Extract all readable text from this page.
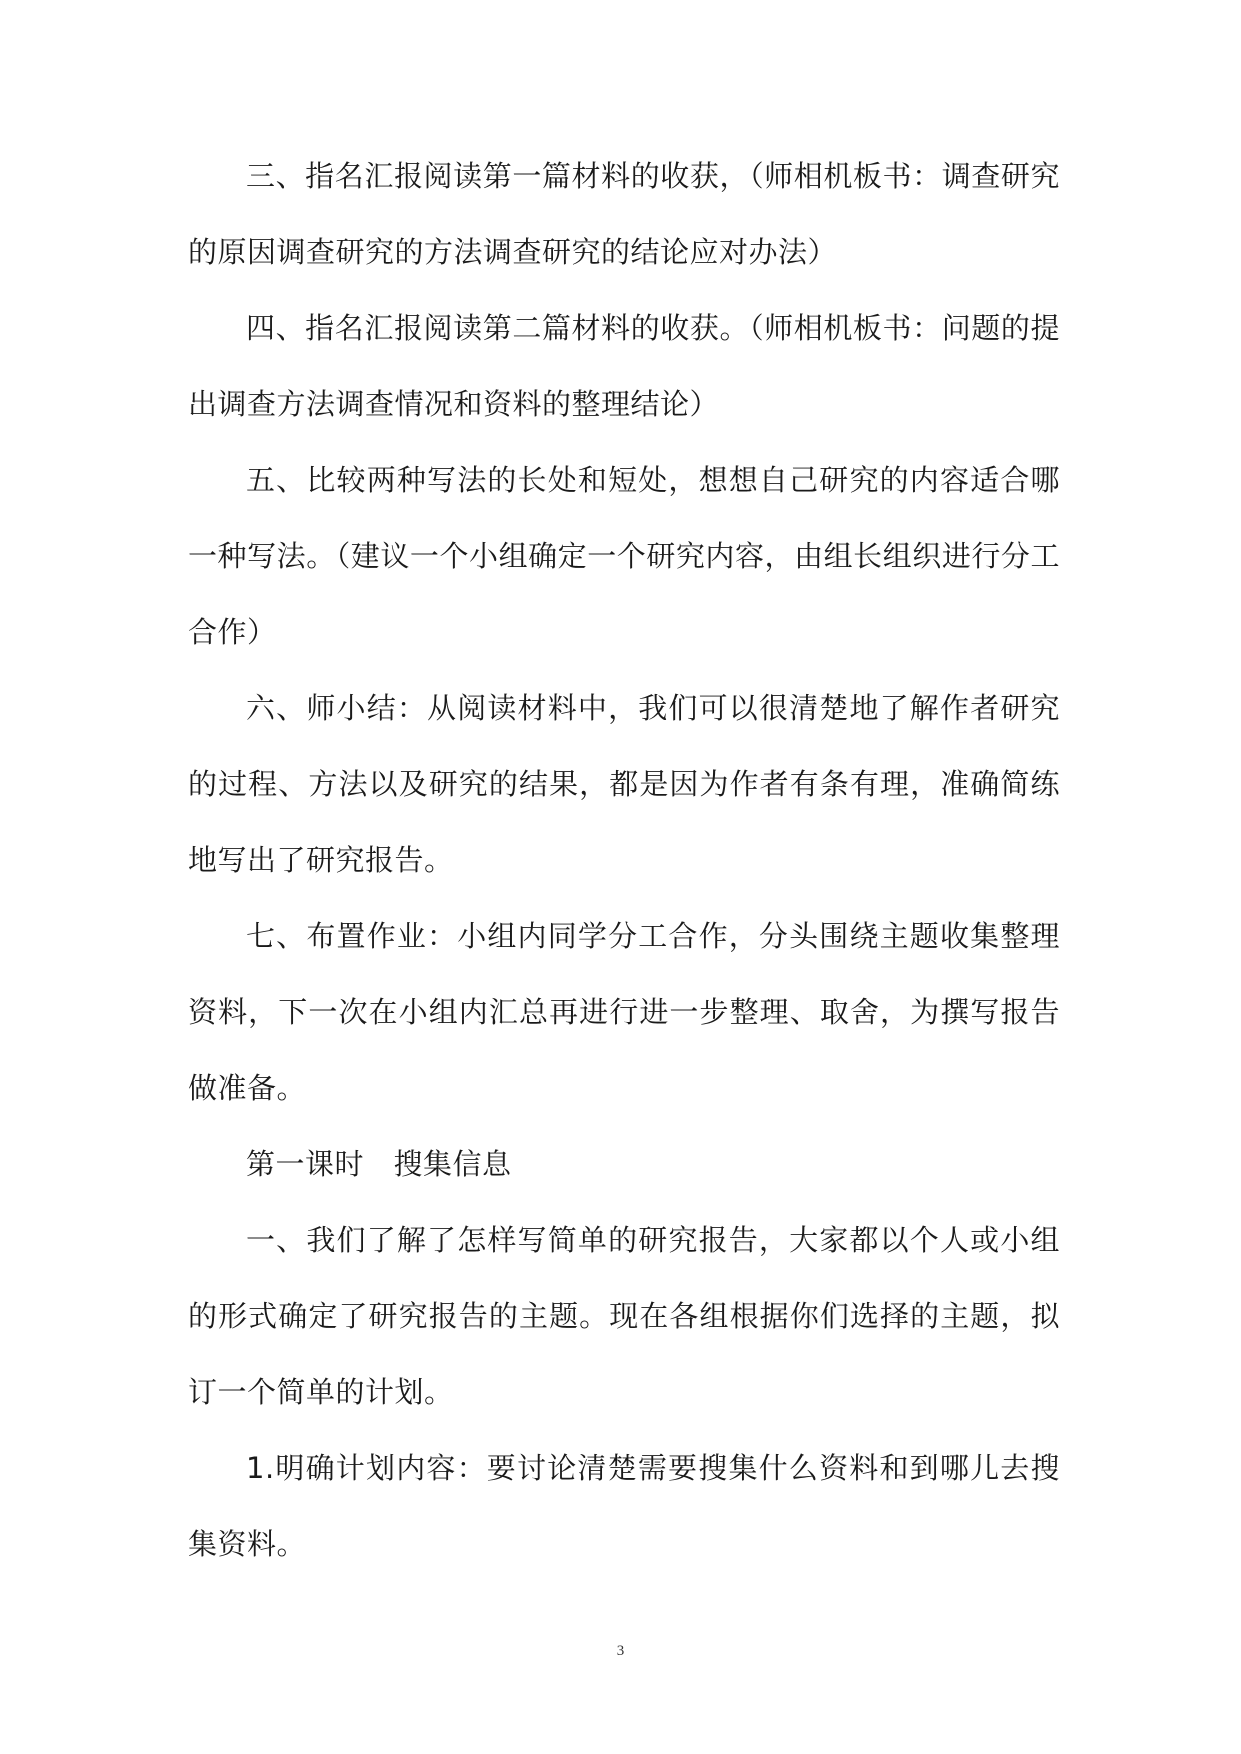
三、指名汇报阅读第一篇材料的收获，（师相机板书：调查研究的原因调查研究的方法调查研究的结论应对办法）

四、指名汇报阅读第二篇材料的收获。（师相机板书：问题的提出调查方法调查情况和资料的整理结论）

五、比较两种写法的长处和短处，想想自己研究的内容适合哪一种写法。（建议一个小组确定一个研究内容，由组长组织进行分工合作）

六、师小结：从阅读材料中，我们可以很清楚地了解作者研究的过程、方法以及研究的结果，都是因为作者有条有理，准确简练地写出了研究报告。

七、布置作业：小组内同学分工合作，分头围绕主题收集整理资料，下一次在小组内汇总再进行进一步整理、取舍，为撰写报告做准备。

第一课时　搜集信息

一、我们了解了怎样写简单的研究报告，大家都以个人或小组的形式确定了研究报告的主题。现在各组根据你们选择的主题，拟订一个简单的计划。

1.明确计划内容：要讨论清楚需要搜集什么资料和到哪儿去搜集资料。

3
